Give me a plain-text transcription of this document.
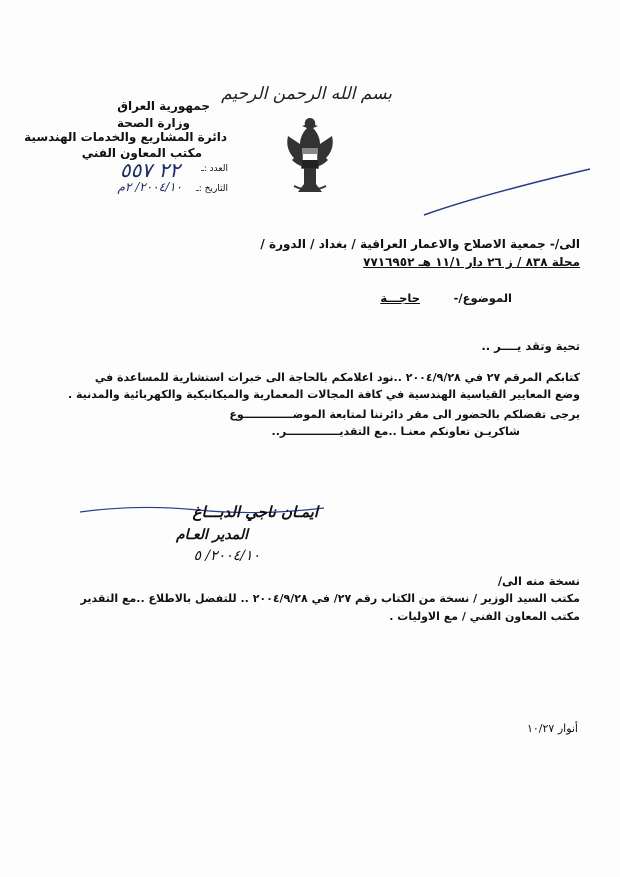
بسم الله الرحمن الرحيم
جمهورية العراق
وزارة الصحة
دائرة المشاريع والخدمات الهندسية
مكتب المعاون الفني
العدد :ـ
٢٢ ٥٥٧
التاريخ :ـ
٢٠٠٤/١٠/ ٢م
الى/- جمعية الاصلاح والاعمار العراقية / بغداد / الدورة /
محلة ٨٣٨ / ز ٢٦ دار ١١/١ هـ ٧٧١٦٩٥٢
الموضوع/-
حاجـــة
تحية وتقد يــــر ..
كتابكم المرقم ٢٧ في ٢٠٠٤/٩/٢٨ ..نود اعلامكم بالحاجة الى خبرات استشارية للمساعدة في
وضع المعايير القياسية الهندسية في كافة المجالات المعمارية والميكانيكية والكهربائية والمدنية .
يرجى تفضلكم بالحضور الى مقر دائرتنا لمتابعة الموضـــــــــــــوع
شاكريـن تعاونكم معنـا ..مع التقديــــــــــــــر..
ايمـان ناجي الدبـــاغ
المدير العـام
٢٠٠٤/١٠/ ٥
نسخة منه الى/
مكتب السيد الوزير / نسخة من الكتاب رقم ٢٧/ في ٢٠٠٤/٩/٢٨ .. للتفضل بالاطلاع ..مع التقدير
مكتب المعاون الفني / مع الاوليات .
أنوار ١٠/٢٧
